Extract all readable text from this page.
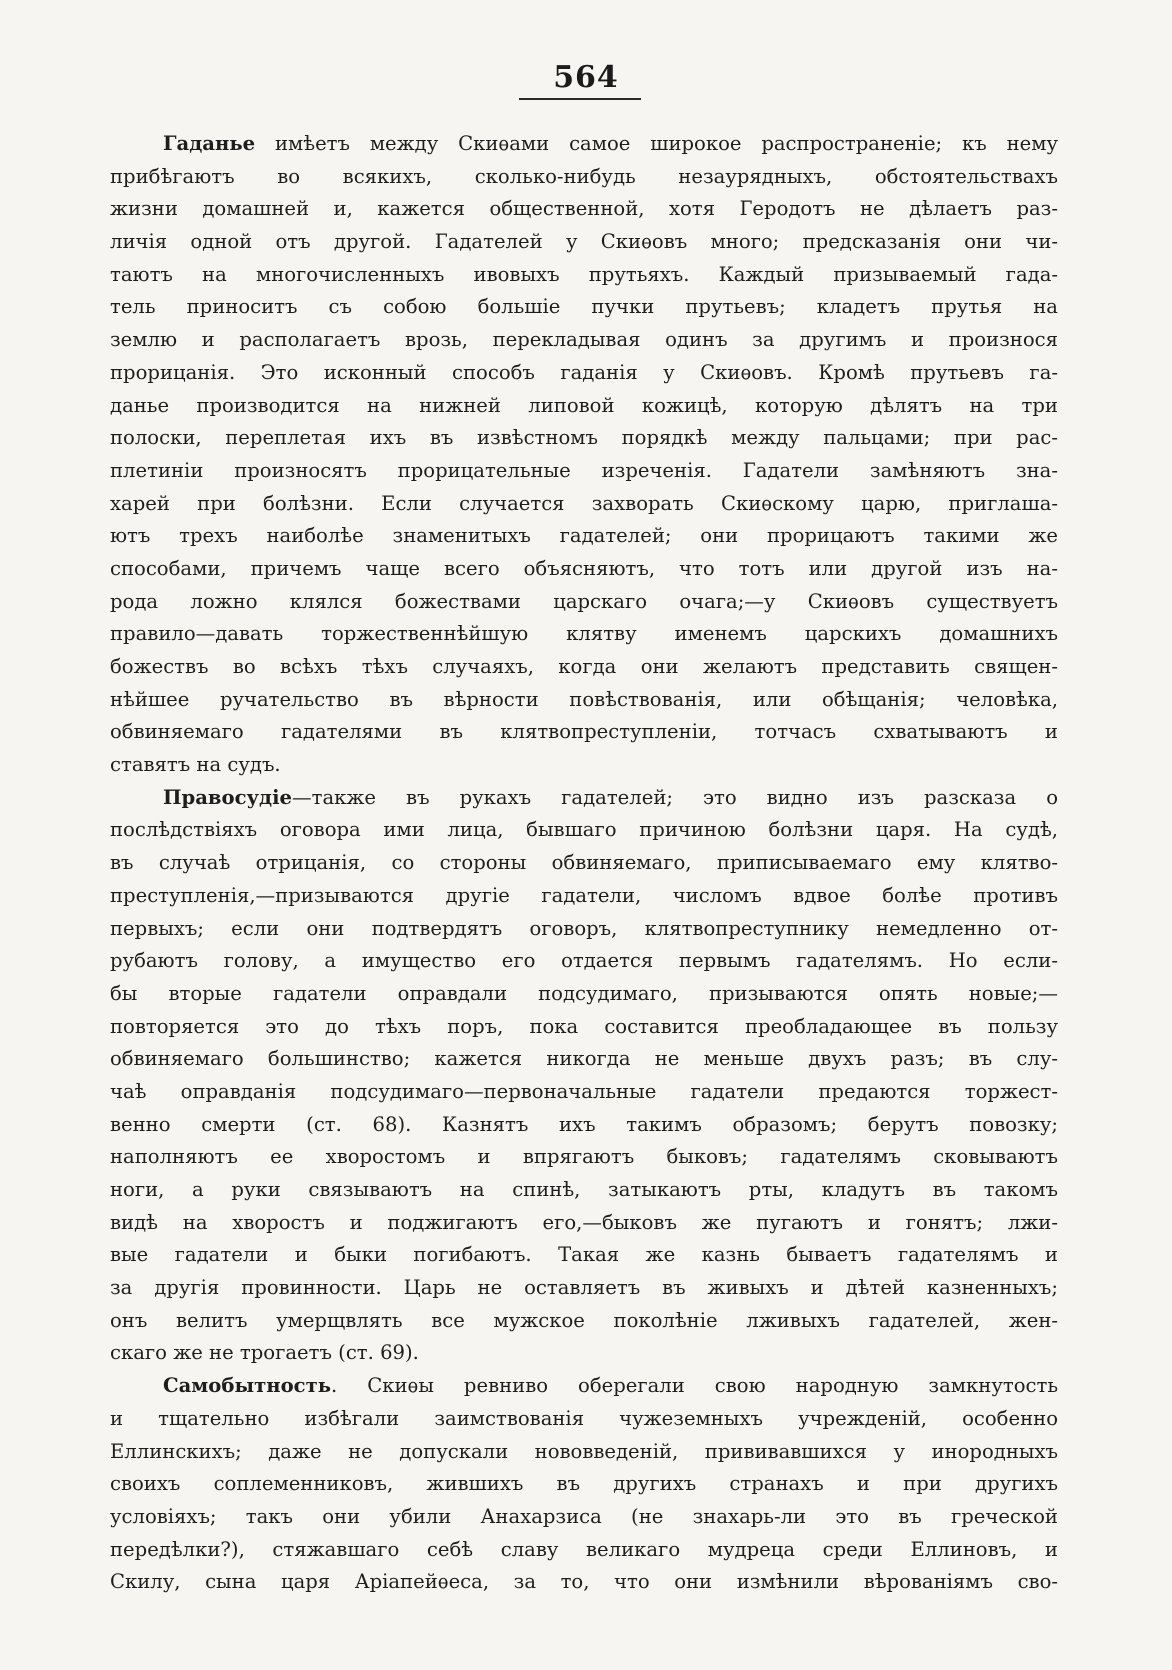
564
Гаданье имѣетъ между Скиѳами самое широкое распространеніе; къ нему
прибѣгаютъ во всякихъ, сколько-нибудь незаурядныхъ, обстоятельствахъ
жизни домашней и, кажется общественной, хотя Геродотъ не дѣлаетъ раз-
личія одной отъ другой. Гадателей у Скиѳовъ много; предсказанія они чи-
таютъ на многочисленныхъ ивовыхъ прутьяхъ. Каждый призываемый гада-
тель приноситъ съ собою большіе пучки прутьевъ; кладетъ прутья на
землю и располагаетъ врозь, перекладывая одинъ за другимъ и произнося
прорицанія. Это исконный способъ гаданія у Скиѳовъ. Кромѣ прутьевъ га-
данье производится на нижней липовой кожицѣ, которую дѣлятъ на три
полоски, переплетая ихъ въ извѣстномъ порядкѣ между пальцами; при рас-
плетиніи произносятъ прорицательные изреченія. Гадатели замѣняютъ зна-
харей при болѣзни. Если случается захворать Скиѳскому царю, приглаша-
ютъ трехъ наиболѣе знаменитыхъ гадателей; они прорицаютъ такими же
способами, причемъ чаще всего объясняютъ, что тотъ или другой изъ на-
рода ложно клялся божествами царскаго очага;—у Скиѳовъ существуетъ
правило—давать торжественнѣйшую клятву именемъ царскихъ домашнихъ
божествъ во всѣхъ тѣхъ случаяхъ, когда они желаютъ представить священ-
нѣйшее ручательство въ вѣрности повѣствованія, или обѣщанія; человѣка,
обвиняемаго гадателями въ клятвопреступленіи, тотчасъ схватываютъ и
ставятъ на судъ.
Правосудіе—также въ рукахъ гадателей; это видно изъ разсказа о
послѣдствіяхъ оговора ими лица, бывшаго причиною болѣзни царя. На судѣ,
въ случаѣ отрицанія, со стороны обвиняемаго, приписываемаго ему клятво-
преступленія,—призываются другіе гадатели, числомъ вдвое болѣе противъ
первыхъ; если они подтвердятъ оговоръ, клятвопреступнику немедленно от-
рубаютъ голову, а имущество его отдается первымъ гадателямъ. Но если-
бы вторые гадатели оправдали подсудимаго, призываются опять новые;—
повторяется это до тѣхъ поръ, пока составится преобладающее въ пользу
обвиняемаго большинство; кажется никогда не меньше двухъ разъ; въ слу-
чаѣ оправданія подсудимаго—первоначальные гадатели предаются торжест-
венно смерти (ст. 68). Казнятъ ихъ такимъ образомъ; берутъ повозку;
наполняютъ ее хворостомъ и впрягаютъ быковъ; гадателямъ сковываютъ
ноги, а руки связываютъ на спинѣ, затыкаютъ рты, кладутъ въ такомъ
видѣ на хворостъ и поджигаютъ его,—быковъ же пугаютъ и гонятъ; лжи-
вые гадатели и быки погибаютъ. Такая же казнь бываетъ гадателямъ и
за другія провинности. Царь не оставляетъ въ живыхъ и дѣтей казненныхъ;
онъ велитъ умерщвлять все мужское поколѣніе лживыхъ гадателей, жен-
скаго же не трогаетъ (ст. 69).
Самобытность. Скиѳы ревниво оберегали свою народную замкнутость
и тщательно избѣгали заимствованія чужеземныхъ учрежденій, особенно
Еллинскихъ; даже не допускали нововведеній, прививавшихся у инородныхъ
своихъ соплеменниковъ, жившихъ въ другихъ странахъ и при другихъ
условіяхъ; такъ они убили Анахарзиса (не знахарь-ли это въ греческой
передѣлки?), стяжавшаго себѣ славу великаго мудреца среди Еллиновъ, и
Скилу, сына царя Аріапейѳеса, за то, что они измѣнили вѣрованіямъ сво-
